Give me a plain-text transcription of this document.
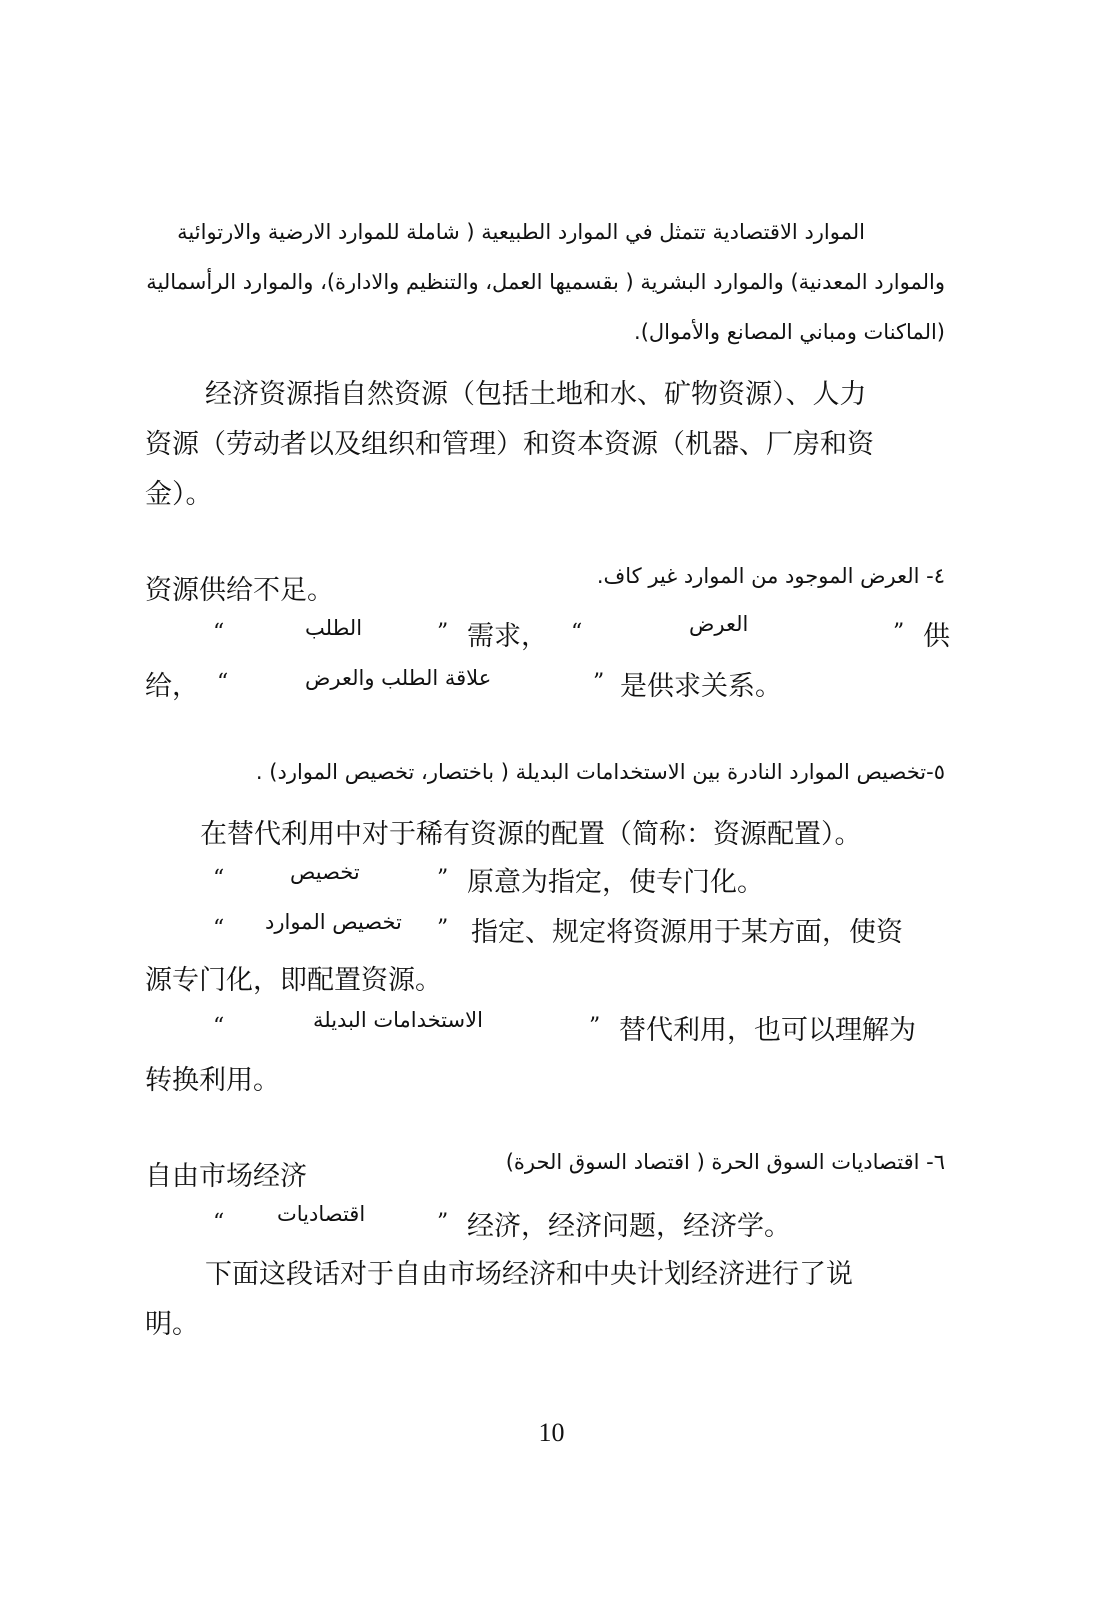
الموارد الاقتصادية تتمثل في الموارد الطبيعية ( شاملة للموارد الارضية والارتوائية
والموارد المعدنية) والموارد البشرية ( بقسميها العمل، والتنظيم والادارة)، والموارد الرأسمالية
(الماكنات ومباني المصانع والأموال).
经济资源指自然资源（包括土地和水、矿物资源）、人力
资源（劳动者以及组织和管理）和资本资源（机器、厂房和资
金）。
资源供给不足。	٤- العرض الموجود من الموارد غير كاف.
“	الطلب	” 需求， “	العرض	” 供
给， “	علاقة الطلب والعرض	” 是供求关系。
٥-تخصيص الموارد النادرة بين الاستخدامات البديلة ( باختصار، تخصيص الموارد) .
在替代利用中对于稀有资源的配置（简称：资源配置）。
“	تخصيص	” 原意为指定，使专门化。
“ تخصيص الموارد ” 指定、规定将资源用于某方面，使资
源专门化，即配置资源。
“	الاستخدامات البديلة	” 替代利用，也可以理解为
转换利用。
自由市场经济	٦- اقتصاديات السوق الحرة ( اقتصاد السوق الحرة)
“	اقتصاديات	” 经济，经济问题，经济学。
下面这段话对于自由市场经济和中央计划经济进行了说
明。
10
